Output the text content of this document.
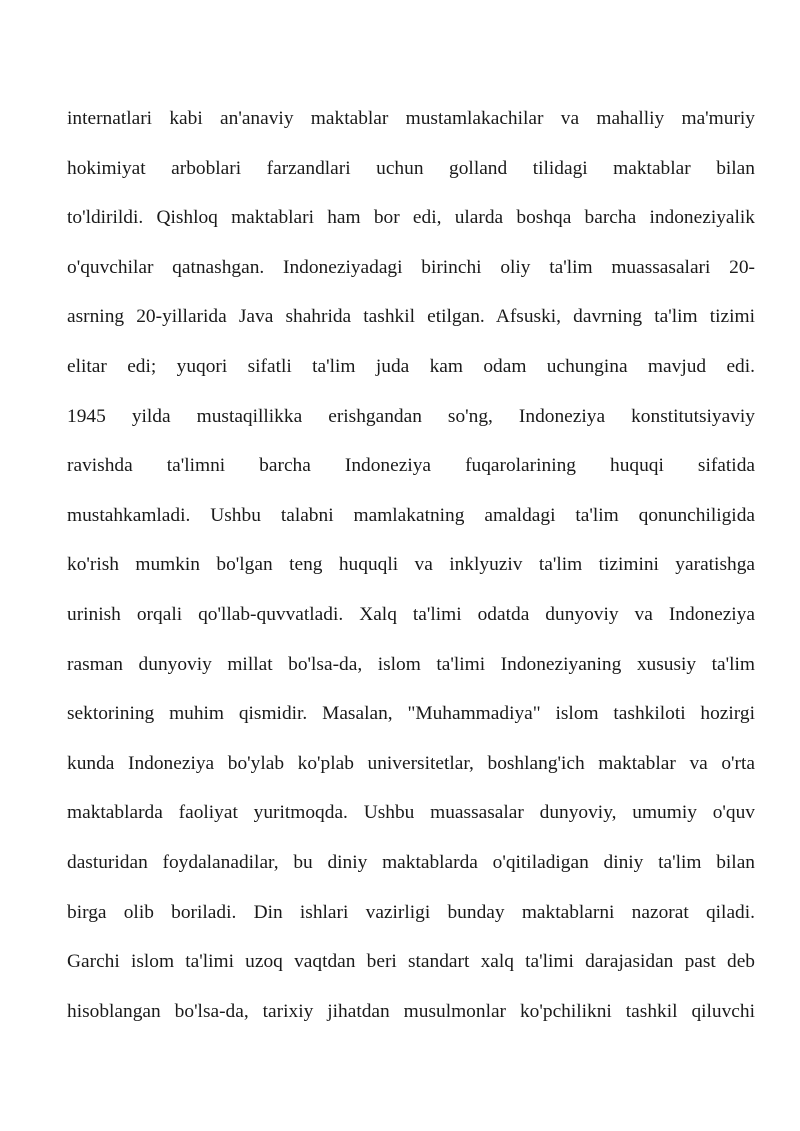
internatlari kabi an'anaviy maktablar mustamlakachilar va mahalliy ma'muriy
hokimiyat arboblari farzandlari uchun golland tilidagi maktablar bilan
to'ldirildi. Qishloq maktablari ham bor edi, ularda boshqa barcha indoneziyalik
o'quvchilar qatnashgan. Indoneziyadagi birinchi oliy ta'lim muassasalari 20-
asrning 20-yillarida Java shahrida tashkil etilgan. Afsuski, davrning ta'lim tizimi
elitar edi; yuqori sifatli ta'lim juda kam odam uchungina mavjud edi.
1945 yilda mustaqillikka erishgandan so'ng, Indoneziya konstitutsiyaviy
ravishda ta'limni barcha Indoneziya fuqarolarining huquqi sifatida
mustahkamladi. Ushbu talabni mamlakatning amaldagi ta'lim qonunchiligida
ko'rish mumkin bo'lgan teng huquqli va inklyuziv ta'lim tizimini yaratishga
urinish orqali qo'llab-quvvatladi. Xalq ta'limi odatda dunyoviy va Indoneziya
rasman dunyoviy millat bo'lsa-da, islom ta'limi Indoneziyaning xususiy ta'lim
sektorining muhim qismidir. Masalan, "Muhammadiya" islom tashkiloti hozirgi
kunda Indoneziya bo'ylab ko'plab universitetlar, boshlang'ich maktablar va o'rta
maktablarda faoliyat yuritmoqda. Ushbu muassasalar dunyoviy, umumiy o'quv
dasturidan foydalanadilar, bu diniy maktablarda o'qitiladigan diniy ta'lim bilan
birga olib boriladi. Din ishlari vazirligi bunday maktablarni nazorat qiladi.
Garchi islom ta'limi uzoq vaqtdan beri standart xalq ta'limi darajasidan past deb
hisoblangan bo'lsa-da, tarixiy jihatdan musulmonlar ko'pchilikni tashkil qiluvchi
